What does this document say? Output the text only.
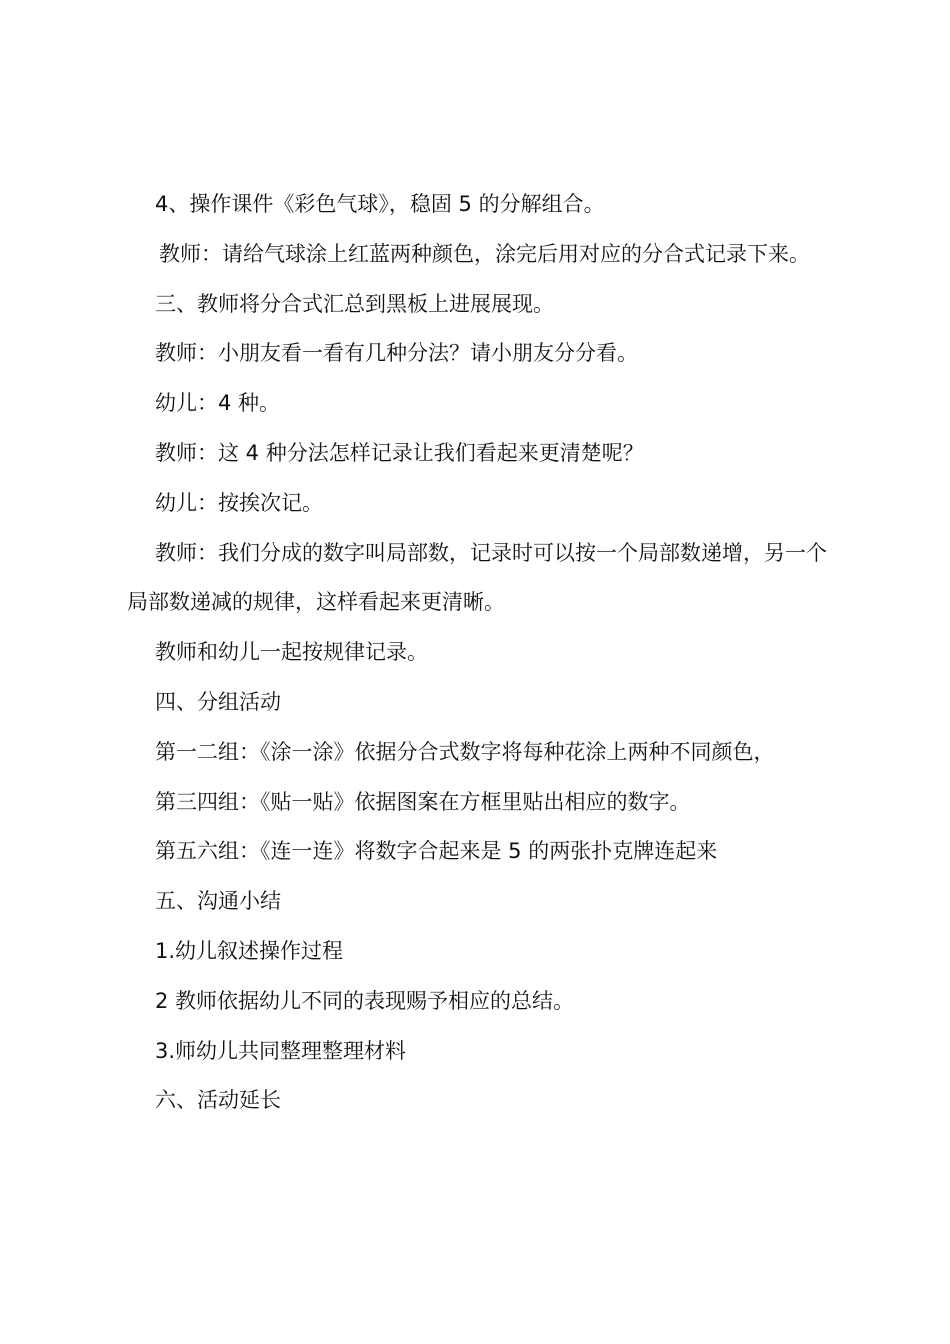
4、操作课件《彩色气球》，稳固 5 的分解组合。

教师：请给气球涂上红蓝两种颜色，涂完后用对应的分合式记录下来。

三、教师将分合式汇总到黑板上进展展现。

教师：小朋友看一看有几种分法？请小朋友分分看。

幼儿：4 种。

教师：这 4 种分法怎样记录让我们看起来更清楚呢？

幼儿：按挨次记。

教师：我们分成的数字叫局部数，记录时可以按一个局部数递增，另一个局部数递减的规律，这样看起来更清晰。

教师和幼儿一起按规律记录。

四、分组活动

第一二组：《涂一涂》依据分合式数字将每种花涂上两种不同颜色，

第三四组：《贴一贴》依据图案在方框里贴出相应的数字。

第五六组：《连一连》将数字合起来是 5 的两张扑克牌连起来

五、沟通小结

1.幼儿叙述操作过程

2 教师依据幼儿不同的表现赐予相应的总结。

3.师幼儿共同整理整理材料

六、活动延长
